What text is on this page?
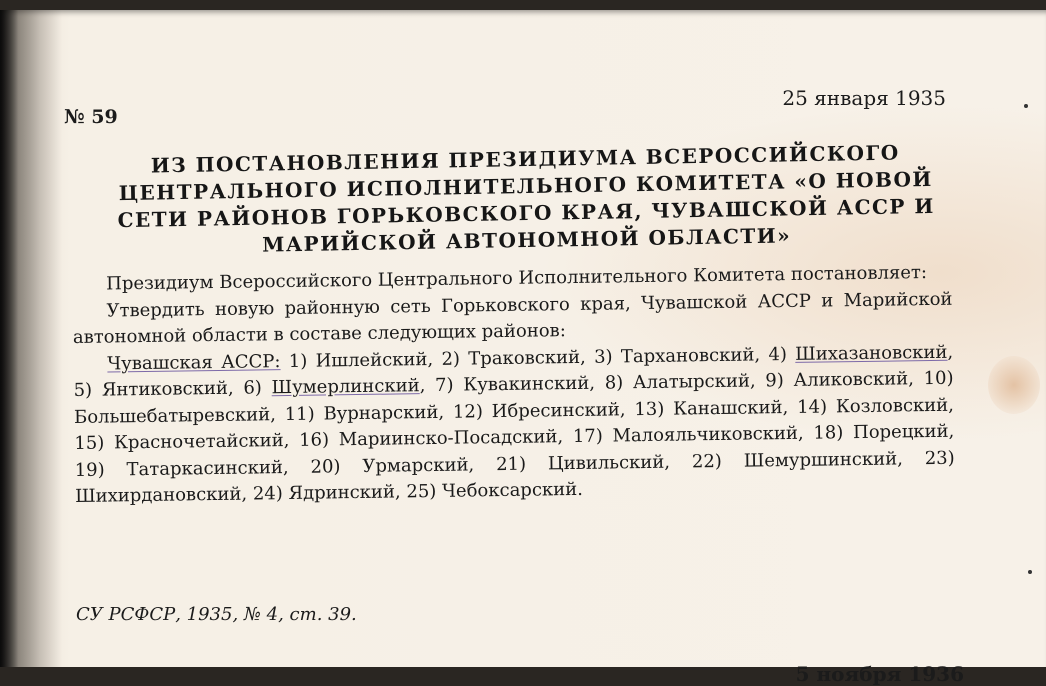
№ 59
25 января 1935
ИЗ ПОСТАНОВЛЕНИЯ ПРЕЗИДИУМА ВСЕРОССИЙСКОГО
ЦЕНТРАЛЬНОГО ИСПОЛНИТЕЛЬНОГО КОМИТЕТА «О НОВОЙ
СЕТИ РАЙОНОВ ГОРЬКОВСКОГО КРАЯ, ЧУВАШСКОЙ АССР И
МАРИЙСКОЙ АВТОНОМНОЙ ОБЛАСТИ»

Президиум Всероссийского Центрального Исполнительного Комитета постановляет:

Утвердить новую районную сеть Горьковского края, Чувашской АССР и Марийской автономной области в составе следующих районов:

Чувашская АССР: 1) Ишлейский, 2) Траковский, 3) Тархановский, 4) Шихазановский, 5) Янтиковский, 6) Шумерлинский, 7) Кувакинский, 8) Алатырский, 9) Аликовский, 10) Большебатыревский, 11) Вурнарский, 12) Ибресинский, 13) Канашский, 14) Козловский, 15) Красночетайский, 16) Мариинско-Посадский, 17) Малояльчиковский, 18) Порецкий, 19) Татаркасинский, 20) Урмарский, 21) Цивильский, 22) Шемуршинский, 23) Шихирдановский, 24) Ядринский, 25) Чебоксарский.

СУ РСФСР, 1935, № 4, ст. 39.
5 ноября 1936
